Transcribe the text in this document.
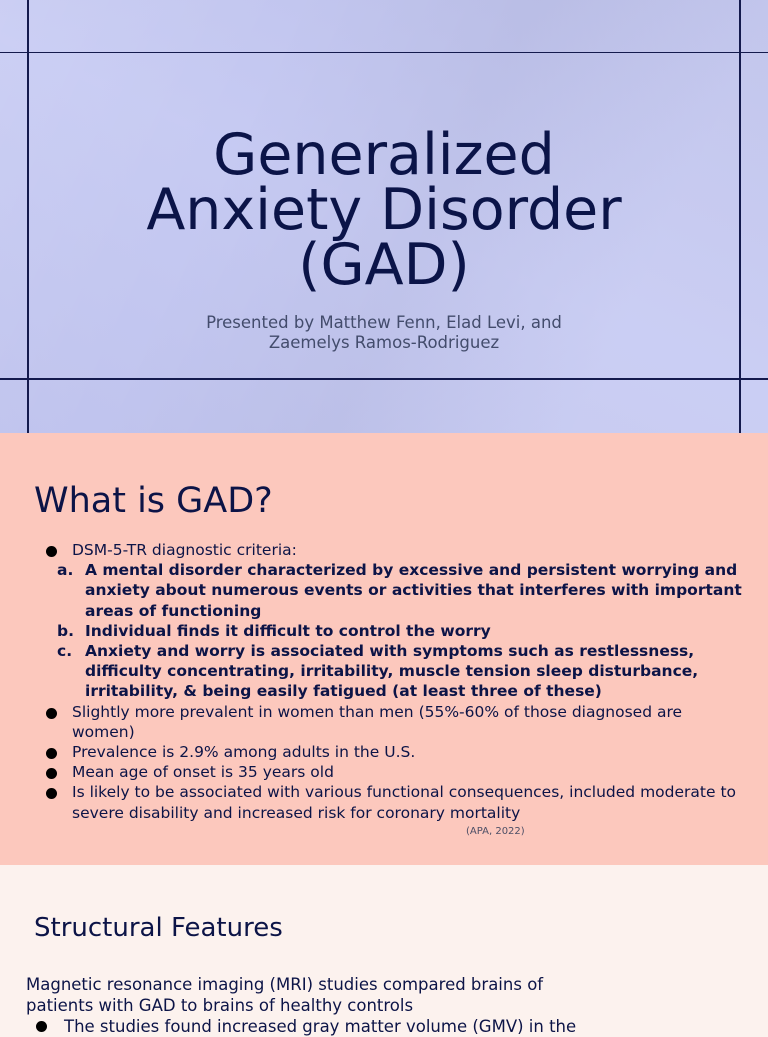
Generalized
Anxiety Disorder
(GAD)
Presented by Matthew Fenn, Elad Levi, and
Zaemelys Ramos-Rodriguez
What is GAD?
DSM-5-TR diagnostic criteria:
a. A mental disorder characterized by excessive and persistent worrying and anxiety about numerous events or activities that interferes with important areas of functioning
b. Individual finds it difficult to control the worry
c. Anxiety and worry is associated with symptoms such as restlessness, difficulty concentrating, irritability, muscle tension sleep disturbance, irritability, & being easily fatigued (at least three of these)
Slightly more prevalent in women than men (55%-60% of those diagnosed are women)
Prevalence is 2.9% among adults in the U.S.
Mean age of onset is 35 years old
Is likely to be associated with various functional consequences, included moderate to severe disability and increased risk for coronary mortality
(APA, 2022)
Structural Features
Magnetic resonance imaging (MRI) studies compared brains of
patients with GAD to brains of healthy controls
The studies found increased gray matter volume (GMV) in the
